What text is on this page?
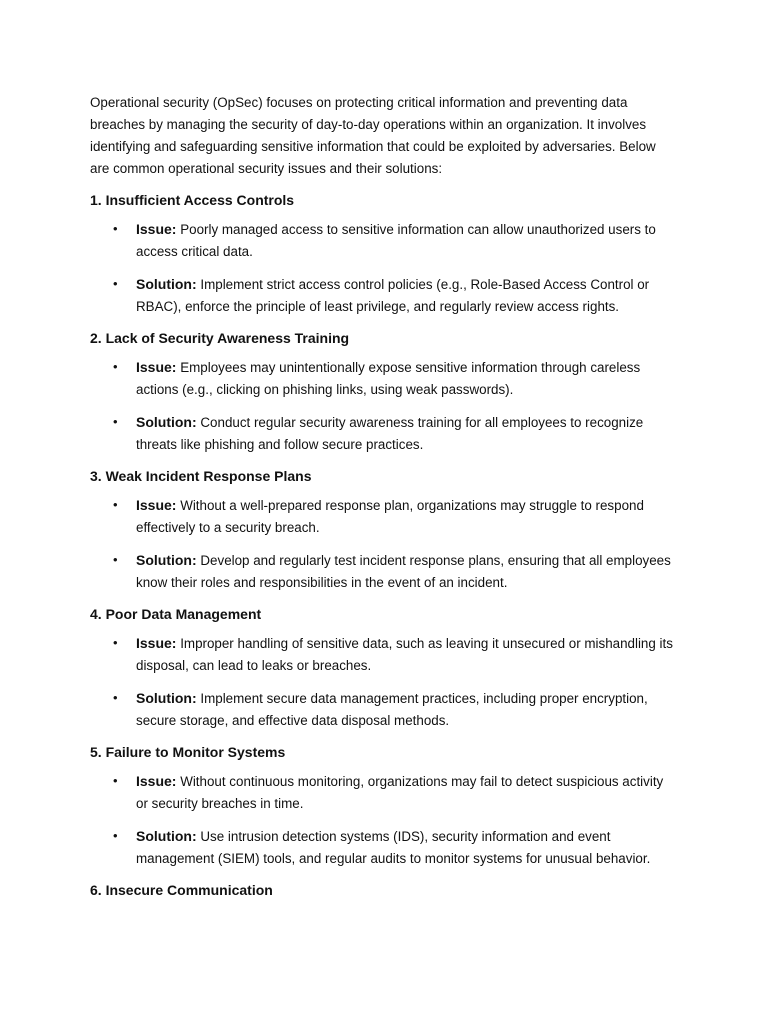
Operational security (OpSec) focuses on protecting critical information and preventing data breaches by managing the security of day-to-day operations within an organization. It involves identifying and safeguarding sensitive information that could be exploited by adversaries. Below are common operational security issues and their solutions:

1. Insufficient Access Controls
•	Issue: Poorly managed access to sensitive information can allow unauthorized users to access critical data.
•	Solution: Implement strict access control policies (e.g., Role-Based Access Control or RBAC), enforce the principle of least privilege, and regularly review access rights.
2. Lack of Security Awareness Training
•	Issue: Employees may unintentionally expose sensitive information through careless actions (e.g., clicking on phishing links, using weak passwords).
•	Solution: Conduct regular security awareness training for all employees to recognize threats like phishing and follow secure practices.
3. Weak Incident Response Plans
•	Issue: Without a well-prepared response plan, organizations may struggle to respond effectively to a security breach.
•	Solution: Develop and regularly test incident response plans, ensuring that all employees know their roles and responsibilities in the event of an incident.
4. Poor Data Management
•	Issue: Improper handling of sensitive data, such as leaving it unsecured or mishandling its disposal, can lead to leaks or breaches.
•	Solution: Implement secure data management practices, including proper encryption, secure storage, and effective data disposal methods.
5. Failure to Monitor Systems
•	Issue: Without continuous monitoring, organizations may fail to detect suspicious activity or security breaches in time.
•	Solution: Use intrusion detection systems (IDS), security information and event management (SIEM) tools, and regular audits to monitor systems for unusual behavior.
6. Insecure Communication
